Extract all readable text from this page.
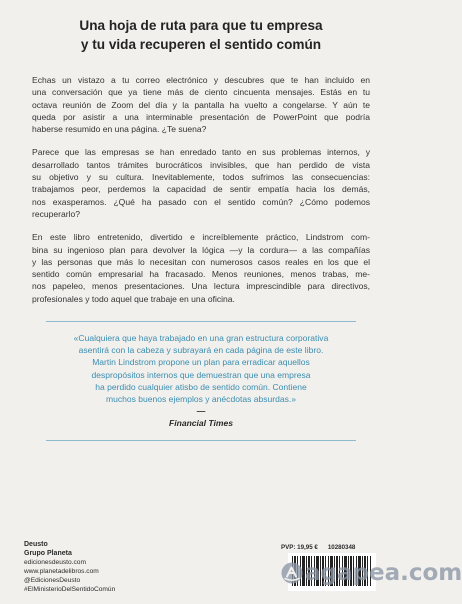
Una hoja de ruta para que tu empresa
y tu vida recuperen el sentido común

Echas un vistazo a tu correo electrónico y descubres que te han incluido en
una conversación que ya tiene más de ciento cincuenta mensajes. Estás en tu
octava reunión de Zoom del día y la pantalla ha vuelto a congelarse. Y aún te
queda por asistir a una interminable presentación de PowerPoint que podría
haberse resumido en una página. ¿Te suena?

Parece que las empresas se han enredado tanto en sus problemas internos, y
desarrollado tantos trámites burocráticos invisibles, que han perdido de vista
su objetivo y su cultura. Inevitablemente, todos sufrimos las consecuencias:
trabajamos peor, perdemos la capacidad de sentir empatía hacia los demás,
nos exasperamos. ¿Qué ha pasado con el sentido común? ¿Cómo podemos
recuperarlo?

En este libro entretenido, divertido e increíblemente práctico, Lindstrom com-
bina su ingenioso plan para devolver la lógica —y la cordura— a las compañías
y las personas que más lo necesitan con numerosos casos reales en los que el
sentido común empresarial ha fracasado. Menos reuniones, menos trabas, me-
nos papeleo, menos presentaciones. Una lectura imprescindible para directivos,
profesionales y todo aquel que trabaje en una oficina.

«Cualquiera que haya trabajado en una gran estructura corporativa
asentirá con la cabeza y subrayará en cada página de este libro.
Martin Lindstrom propone un plan para erradicar aquellos
despropósitos internos que demuestran que una empresa
ha perdido cualquier atisbo de sentido común. Contiene
muchos buenos ejemplos y anécdotas absurdas.»
—
Financial Times
Deusto
Grupo Planeta
edicionesdeusto.com
www.planetadelibros.com
@EdicionesDeusto
#ElMinisterioDelSentidoComún
PVP: 19,95 € 10280348
agapea.com
